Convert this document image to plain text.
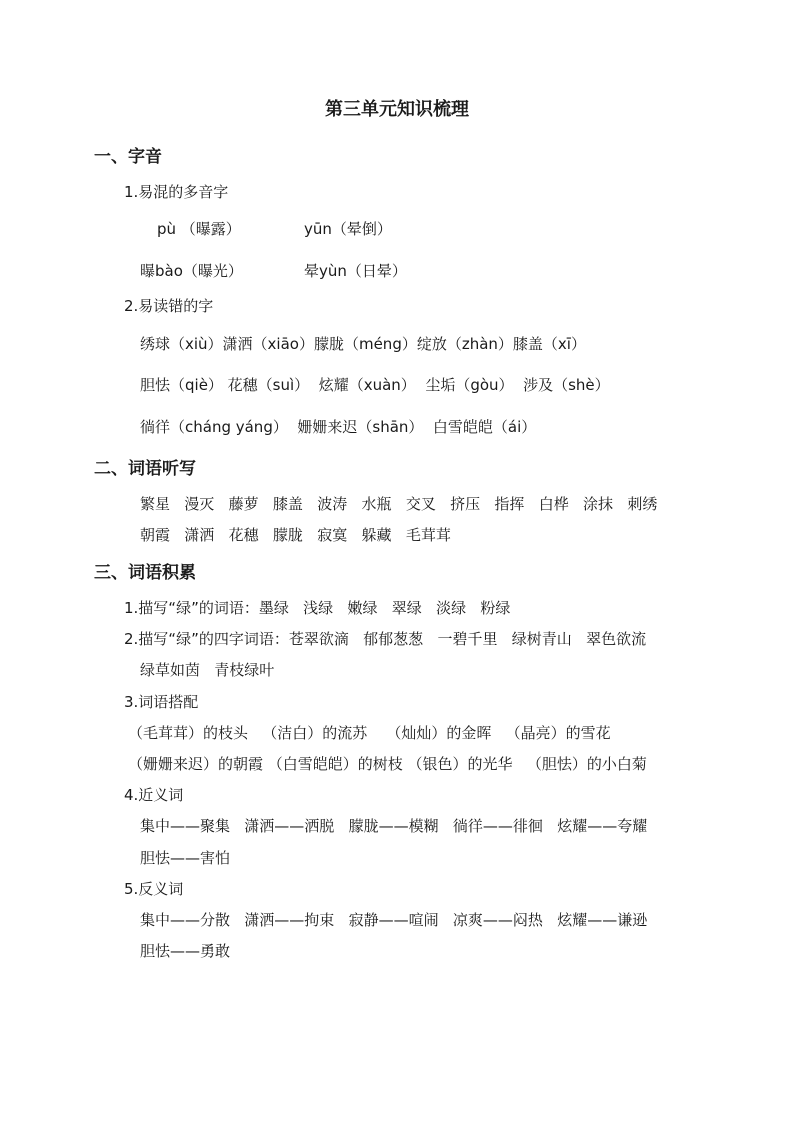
第三单元知识梳理
一、字音
1.易混的多音字
pù （曝露）	yūn（晕倒）
曝bào（曝光）	晕yùn（日晕）
2.易读错的字
绣球（xiù）潇洒（xiāo）朦胧（méng）绽放（zhàn）膝盖（xī）
胆怯（qiè） 花穗（suì）  炫耀（xuàn）  尘垢（gòu）  涉及（shè）
徜徉（cháng yáng）  姗姗来迟（shān）  白雪皑皑（ái）
二、词语听写
繁星   漫灭   藤萝   膝盖   波涛   水瓶   交叉   挤压   指挥   白桦   涂抹   刺绣
朝霞   潇洒   花穗   朦胧   寂寞   躲藏   毛茸茸
三、词语积累
1.描写“绿”的词语：墨绿   浅绿   嫩绿   翠绿   淡绿   粉绿
2.描写“绿”的四字词语：苍翠欲滴   郁郁葱葱   一碧千里   绿树青山   翠色欲流
绿草如茵   青枝绿叶
3.词语搭配
（毛茸茸）的枝头   （洁白）的流苏    （灿灿）的金晖   （晶亮）的雪花
（姗姗来迟）的朝霞 （白雪皑皑）的树枝 （银色）的光华   （胆怯）的小白菊
4.近义词
集中——聚集   潇洒——洒脱   朦胧——模糊   徜徉——徘徊   炫耀——夸耀
胆怯——害怕
5.反义词
集中——分散   潇洒——拘束   寂静——喧闹   凉爽——闷热   炫耀——谦逊
胆怯——勇敢
